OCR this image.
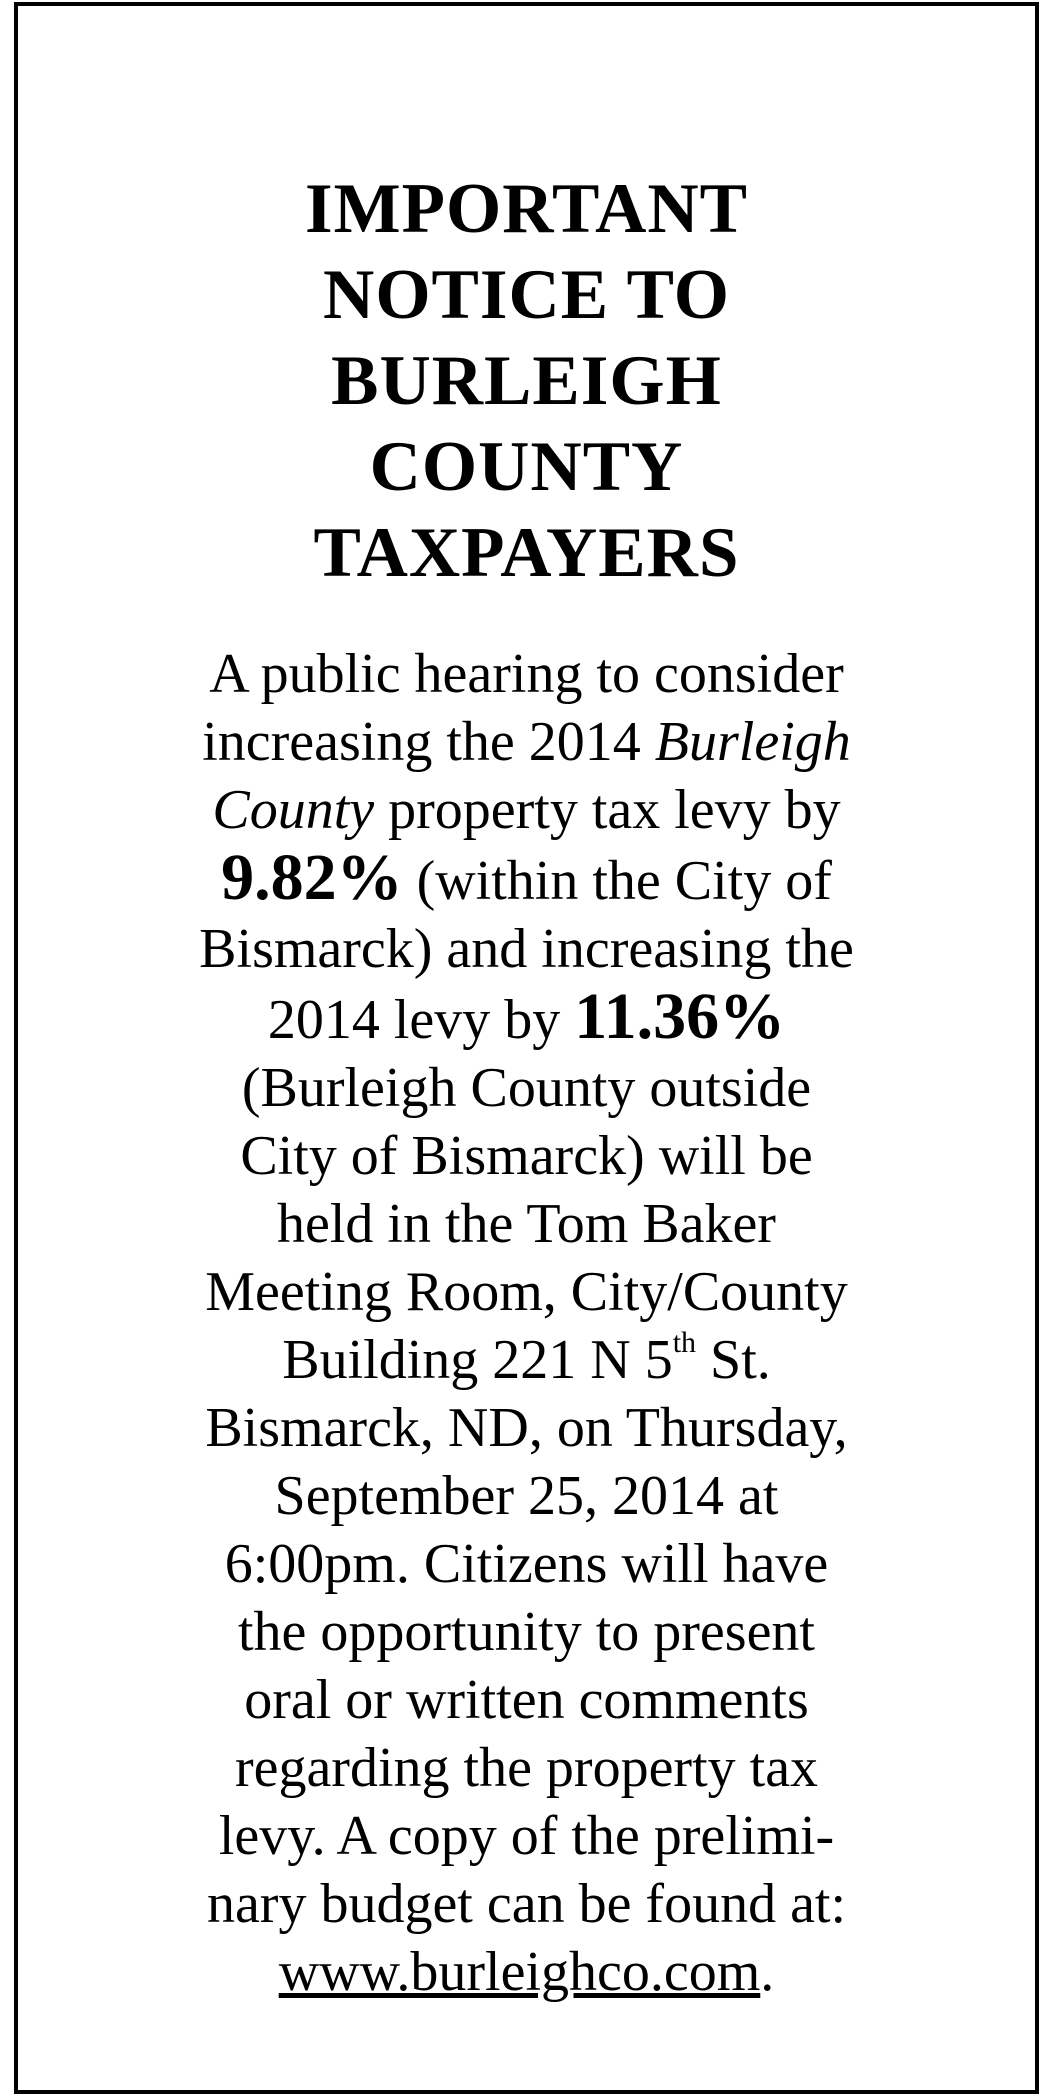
IMPORTANT
NOTICE TO
BURLEIGH
COUNTY
TAXPAYERS
A public hearing to consider
increasing the 2014 Burleigh
County property tax levy by
9.82% (within the City of
Bismarck) and increasing the
2014 levy by 11.36%
(Burleigh County outside
City of Bismarck) will be
held in the Tom Baker
Meeting Room, City/County
Building 221 N 5th St.
Bismarck, ND, on Thursday,
September 25, 2014 at
6:00pm. Citizens will have
the opportunity to present
oral or written comments
regarding the property tax
levy. A copy of the prelimi-
nary budget can be found at:
www.burleighco.com.
